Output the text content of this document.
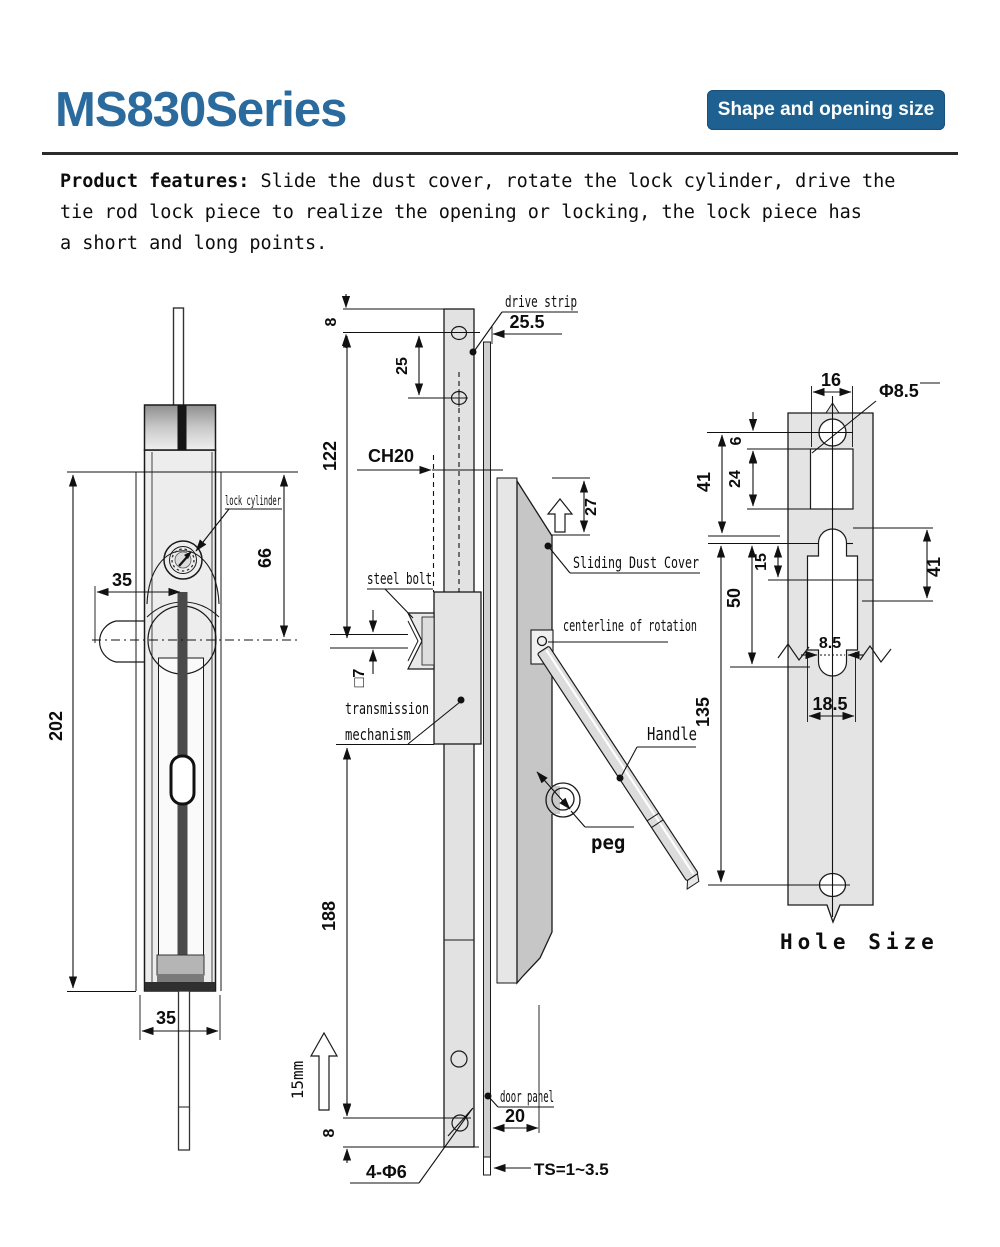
MS830Series	Shape and opening size
Product features: Slide the dust cover, rotate the lock cylinder, drive the
tie rod lock piece to realize the opening or locking, the lock piece has
a short and long points.
202
66
35
35
lock cylinder
8
25
122
25.5
CH20
drive strip
27
Sliding Dust Cover
steel bolt
□7
transmission
mechanism
centerline of rotation
Handle
peg
188
15mm
8
4-Φ6
door panel
20
TS=1~3.5
16
Φ8.5
6
24
41
15
50
41
8.5
18.5
135
Hole Size
